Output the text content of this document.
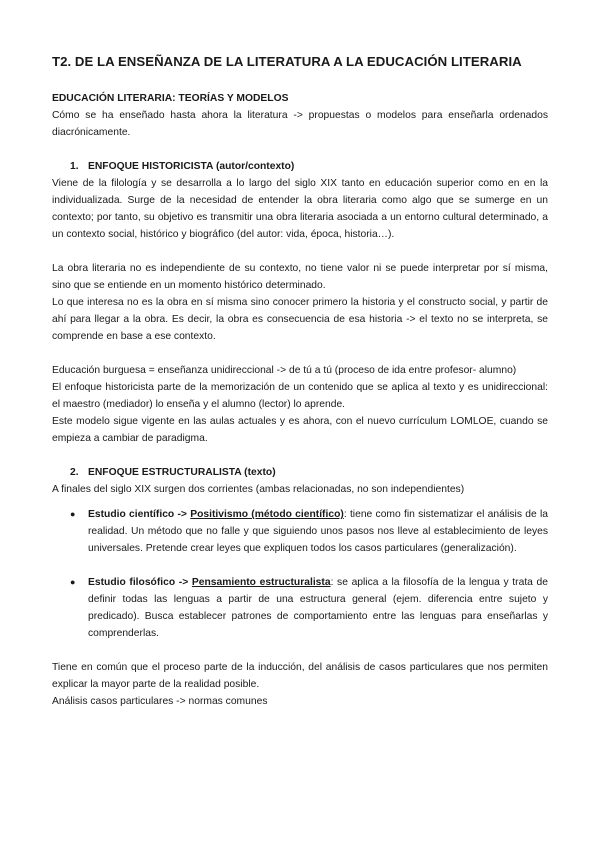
T2. DE LA ENSEÑANZA DE LA LITERATURA A LA EDUCACIÓN LITERARIA
EDUCACIÓN LITERARIA: TEORÍAS Y MODELOS

Cómo se ha enseñado hasta ahora la literatura -> propuestas o modelos para enseñarla ordenados diacrónicamente.

1. ENFOQUE HISTORICISTA (autor/contexto)

Viene de la filología y se desarrolla a lo largo del siglo XIX tanto en educación superior como en en la individualizada. Surge de la necesidad de entender la obra literaria como algo que se sumerge en un contexto; por tanto, su objetivo es transmitir una obra literaria asociada a un entorno cultural determinado, a un contexto social, histórico y biográfico (del autor: vida, época, historia…).

La obra literaria no es independiente de su contexto, no tiene valor ni se puede interpretar por sí misma, sino que se entiende en un momento histórico determinado.

Lo que interesa no es la obra en sí misma sino conocer primero la historia y el constructo social, y partir de ahí para llegar a la obra. Es decir, la obra es consecuencia de esa historia -> el texto no se interpreta, se comprende en base a ese contexto.

Educación burguesa = enseñanza unidireccional -> de tú a tú (proceso de ida entre profesor- alumno)

El enfoque historicista parte de la memorización de un contenido que se aplica al texto y es unidireccional: el maestro (mediador) lo enseña y el alumno (lector) lo aprende.

Este modelo sigue vigente en las aulas actuales y es ahora, con el nuevo currículum LOMLOE, cuando se empieza a cambiar de paradigma.

2. ENFOQUE ESTRUCTURALISTA (texto)

A finales del siglo XIX surgen dos corrientes (ambas relacionadas, no son independientes)

● Estudio científico -> Positivismo (método científico): tiene como fin sistematizar el análisis de la realidad. Un método que no falle y que siguiendo unos pasos nos lleve al establecimiento de leyes universales. Pretende crear leyes que expliquen todos los casos particulares (generalización).
● Estudio filosófico -> Pensamiento estructuralista: se aplica a la filosofía de la lengua y trata de definir todas las lenguas a partir de una estructura general (ejem. diferencia entre sujeto y predicado). Busca establecer patrones de comportamiento entre las lenguas para enseñarlas y comprenderlas.

Tiene en común que el proceso parte de la inducción, del análisis de casos particulares que nos permiten explicar la mayor parte de la realidad posible.

Análisis casos particulares -> normas comunes
